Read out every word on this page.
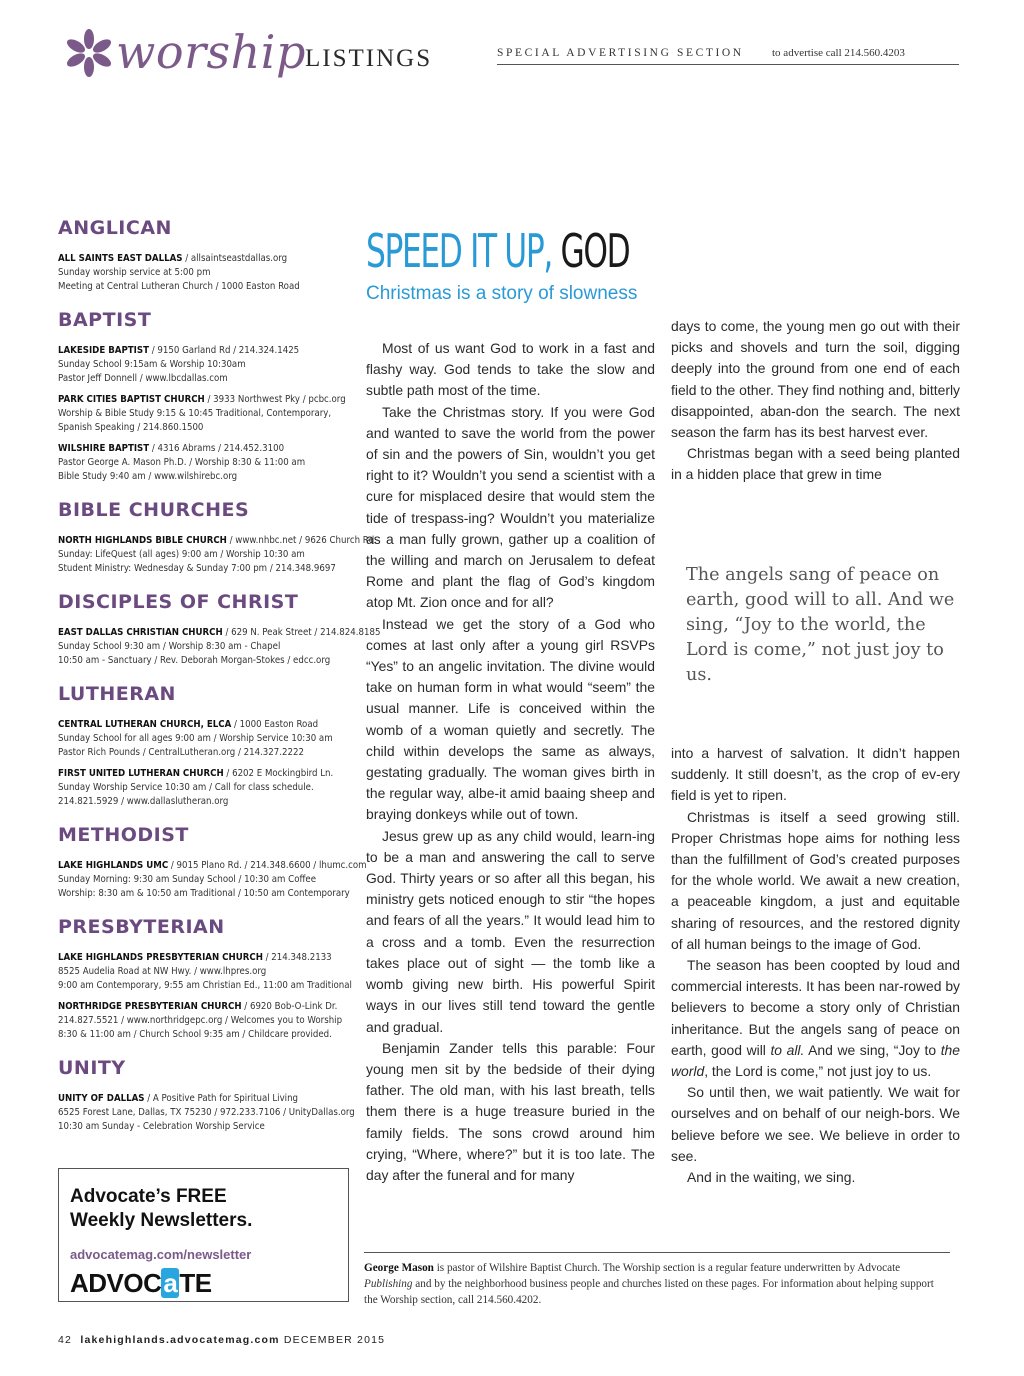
worship LISTINGS	SPECIAL ADVERTISING SECTION	to advertise call 214.560.4203
ANGLICAN
ALL SAINTS EAST DALLAS / allsaintseastdallas.org
Sunday worship service at 5:00 pm
Meeting at Central Lutheran Church / 1000 Easton Road
BAPTIST
LAKESIDE BAPTIST / 9150 Garland Rd / 214.324.1425
Sunday School 9:15am & Worship 10:30am
Pastor Jeff Donnell / www.lbcdallas.com
PARK CITIES BAPTIST CHURCH / 3933 Northwest Pky / pcbc.org
Worship & Bible Study 9:15 & 10:45 Traditional, Contemporary,
Spanish Speaking / 214.860.1500
WILSHIRE BAPTIST / 4316 Abrams / 214.452.3100
Pastor George A. Mason Ph.D. / Worship 8:30 & 11:00 am
Bible Study 9:40 am / www.wilshirebc.org
BIBLE CHURCHES
NORTH HIGHLANDS BIBLE CHURCH / www.nhbc.net / 9626 Church Rd.
Sunday: LifeQuest (all ages) 9:00 am / Worship 10:30 am
Student Ministry: Wednesday & Sunday 7:00 pm / 214.348.9697
DISCIPLES OF CHRIST
EAST DALLAS CHRISTIAN CHURCH / 629 N. Peak Street / 214.824.8185
Sunday School 9:30 am / Worship 8:30 am - Chapel
10:50 am - Sanctuary / Rev. Deborah Morgan-Stokes / edcc.org
LUTHERAN
CENTRAL LUTHERAN CHURCH, ELCA / 1000 Easton Road
Sunday School for all ages 9:00 am / Worship Service 10:30 am
Pastor Rich Pounds / CentralLutheran.org / 214.327.2222
FIRST UNITED LUTHERAN CHURCH / 6202 E Mockingbird Ln.
Sunday Worship Service 10:30 am / Call for class schedule.
214.821.5929 / www.dallaslutheran.org
METHODIST
LAKE HIGHLANDS UMC / 9015 Plano Rd. / 214.348.6600 / lhumc.com
Sunday Morning: 9:30 am Sunday School / 10:30 am Coffee
Worship: 8:30 am & 10:50 am Traditional / 10:50 am Contemporary
PRESBYTERIAN
LAKE HIGHLANDS PRESBYTERIAN CHURCH / 214.348.2133
8525 Audelia Road at NW Hwy. / www.lhpres.org
9:00 am Contemporary, 9:55 am Christian Ed., 11:00 am Traditional
NORTHRIDGE PRESBYTERIAN CHURCH / 6920 Bob-O-Link Dr.
214.827.5521 / www.northridgepc.org / Welcomes you to Worship
8:30 & 11:00 am / Church School 9:35 am / Childcare provided.
UNITY
UNITY OF DALLAS / A Positive Path for Spiritual Living
6525 Forest Lane, Dallas, TX 75230 / 972.233.7106 / UnityDallas.org
10:30 am Sunday - Celebration Worship Service
Advocate’s FREE
Weekly Newsletters.
advocatemag.com/newsletter
ADVOCaTE
42 lakehighlands.advocatemag.com DECEMBER 2015
SPEED IT UP, GOD
Christmas is a story of slowness

Most of us want God to work in a fast and flashy way. God tends to take the slow and subtle path most of the time.

Take the Christmas story. If you were God and wanted to save the world from the power of sin and the powers of Sin, wouldn’t you get right to it? Wouldn’t you send a scientist with a cure for misplaced desire that would stem the tide of trespass-ing? Wouldn’t you materialize as a man fully grown, gather up a coalition of the willing and march on Jerusalem to defeat Rome and plant the flag of God’s kingdom atop Mt. Zion once and for all?

Instead we get the story of a God who comes at last only after a young girl RSVPs “Yes” to an angelic invitation. The divine would take on human form in what would “seem” the usual manner. Life is conceived within the womb of a woman quietly and secretly. The child within develops the same as always, gestating gradually. The woman gives birth in the regular way, albe-it amid baaing sheep and braying donkeys while out of town.

Jesus grew up as any child would, learn-ing to be a man and answering the call to serve God. Thirty years or so after all this began, his ministry gets noticed enough to stir “the hopes and fears of all the years.” It would lead him to a cross and a tomb. Even the resurrection takes place out of sight — the tomb like a womb giving new birth. His powerful Spirit ways in our lives still tend toward the gentle and gradual.

Benjamin Zander tells this parable: Four young men sit by the bedside of their dying father. The old man, with his last breath, tells them there is a huge treasure buried in the family fields. The sons crowd around him crying, “Where, where?” but it is too late. The day after the funeral and for many

days to come, the young men go out with their picks and shovels and turn the soil, digging deeply into the ground from one end of each field to the other. They find nothing and, bitterly disappointed, aban-don the search. The next season the farm has its best harvest ever.

Christmas began with a seed being planted in a hidden place that grew in time

The angels sang of peace on earth, good will to all. And we sing, “Joy to the world, the Lord is come,” not just joy to us.

into a harvest of salvation. It didn’t happen suddenly. It still doesn’t, as the crop of ev-ery field is yet to ripen.

Christmas is itself a seed growing still. Proper Christmas hope aims for nothing less than the fulfillment of God’s created purposes for the whole world. We await a new creation, a peaceable kingdom, a just and equitable sharing of resources, and the restored dignity of all human beings to the image of God.

The season has been coopted by loud and commercial interests. It has been nar-rowed by believers to become a story only of Christian inheritance. But the angels sang of peace on earth, good will to all. And we sing, “Joy to the world, the Lord is come,” not just joy to us.

So until then, we wait patiently. We wait for ourselves and on behalf of our neigh-bors. We believe before we see. We believe in order to see.

And in the waiting, we sing.

George Mason is pastor of Wilshire Baptist Church. The Worship section is a regular feature underwritten by Advocate Publishing and by the neighborhood business people and churches listed on these pages. For information about helping support the Worship section, call 214.560.4202.
